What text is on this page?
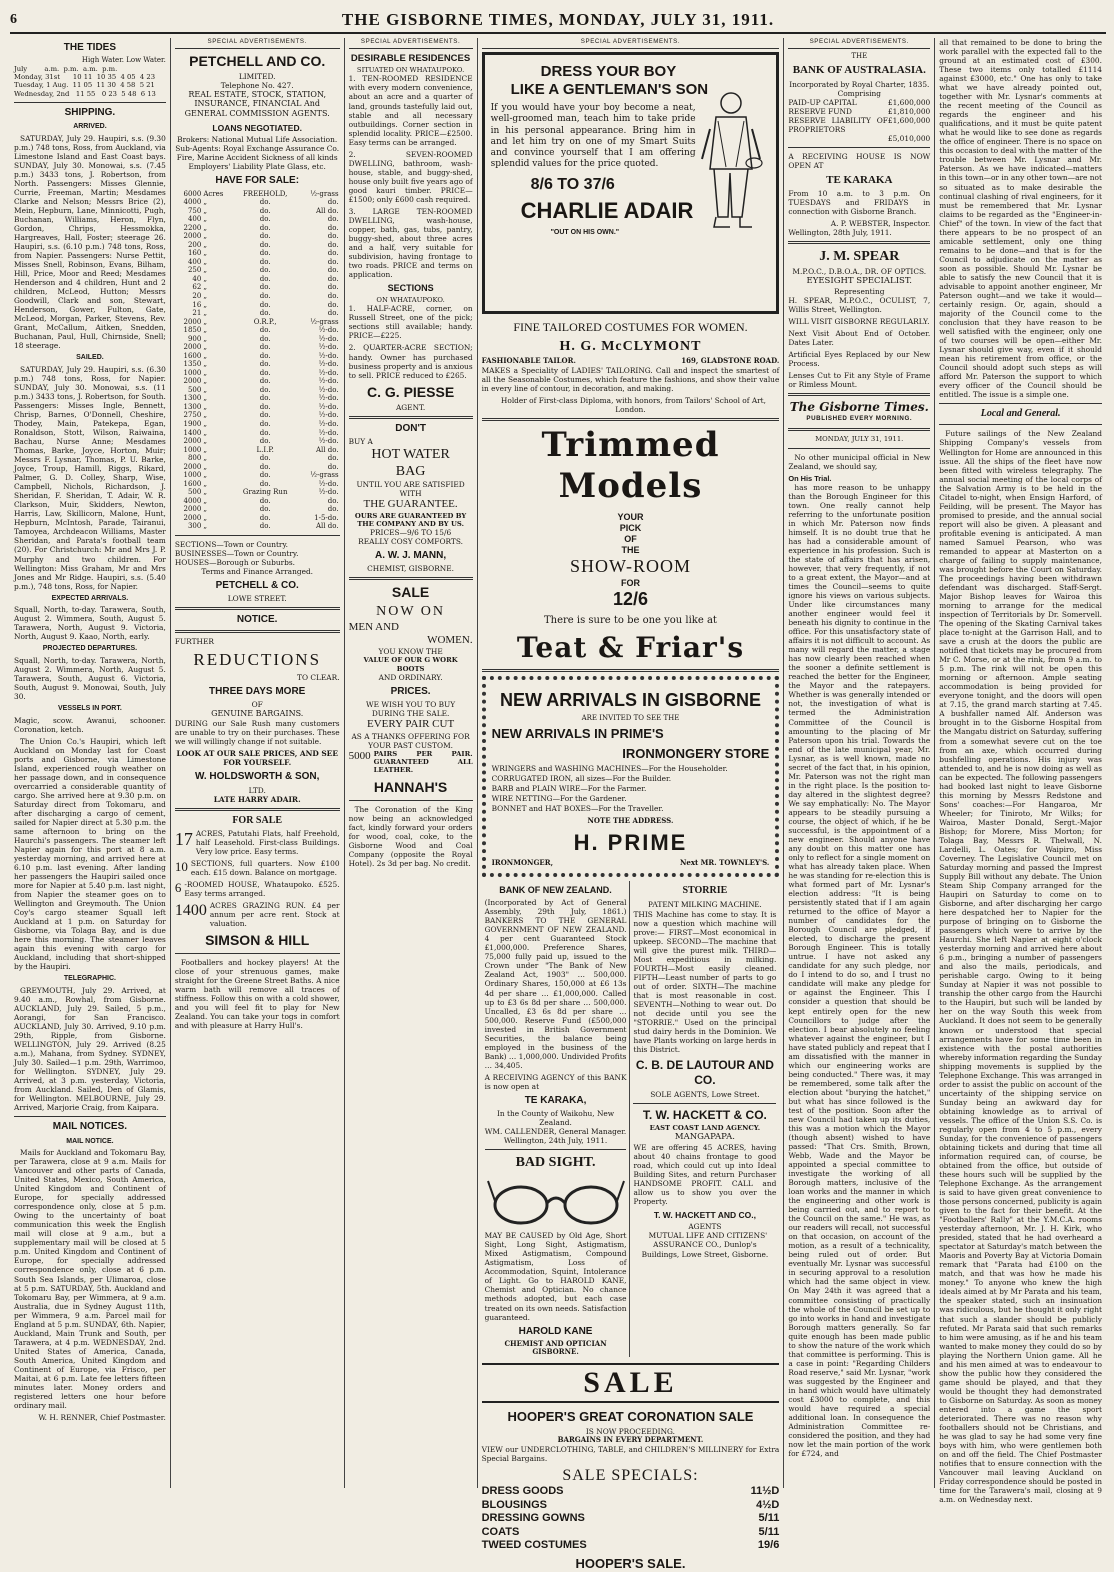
6	THE GISBORNE TIMES, MONDAY, JULY 31, 1911.
THE TIDES
High Water. Low Water.
July        a.m.  p.m.  a.m.  p.m.
Monday, 31st      10 11  10 35  4 05  4 23
Tuesday, 1 Aug.  11 05  11 30  4 58  5 21
Wednesday, 2nd   11 55   0 23  5 48  6 13
SHIPPING.
ARRIVED.

SATURDAY, July 29. Haupiri, s.s. (9.30 p.m.) 748 tons, Ross, from Auckland, via Limestone Island and East Coast bays. SUNDAY, July 30. Monowai, s.s. (7.45 p.m.) 3433 tons, J. Robertson, from North. Passengers: Misses Glennie, Currie, Freeman, Martin; Mesdames Clarke and Nelson; Messrs Brice (2), Mein, Hepburn, Lane, Minnicotti, Pugh, Buchanan, Williams, Heron, Flyn, Gordon, Chrips, Hessmokka, Hargreaves, Hall, Foster; steerage 26. Haupiri, s.s. (6.10 p.m.) 748 tons, Ross, from Napier. Passengers: Nurse Pettit, Misses Snell, Robinson, Evans, Bilham, Hill, Price, Moor and Reed; Mesdames Henderson and 4 children, Hunt and 2 children, McLeod, Hutton; Messrs Goodwill, Clark and son, Stewart, Henderson, Gower, Fulton, Gate, McLeod, Morgan, Parker, Stevens, Rev. Grant, McCallum, Aitken, Snedden, Buchanan, Paul, Hull, Chirnside, Snell; 18 steerage.

SAILED.

SATURDAY, July 29. Haupiri, s.s. (6.30 p.m.) 748 tons, Ross, for Napier. SUNDAY, July 30. Monowai, s.s. (11 p.m.) 3433 tons, J. Robertson, for South. Passengers: Misses Ingle, Bennett, Chrisp, Barnes, O'Donnell, Cheshire, Thodey, Main, Patekepa, Egan, Ronaldson, Stott, Wilson, Raiwaina, Bachau, Nurse Anne; Mesdames Thomas, Barke, Joyce, Horton, Muir; Messrs F. Lysnar, Thomas, P. U. Barke, Joyce, Troup, Hamill, Riggs, Rikard, Palmer, G. D. Colley, Sharp, Wise, Campbell, Nichols, Richardson, J. Sheridan, F. Sheridan, T. Adair, W. R. Clarkson, Muir, Skidders, Newton, Harris, Law, Skillicorn, Malone, Hunt, Hepburn, McIntosh, Parade, Tairanui, Tamoyea, Archdeacon Williams, Master Sheridan, and Parata's football team (20). For Christchurch: Mr and Mrs J. P. Murphy and two children. For Wellington: Miss Graham, Mr and Mrs Jones and Mr Ridge. Haupiri, s.s. (5.40 p.m.), 748 tons, Ross, for Napier.

EXPECTED ARRIVALS.

Squall, North, to-day. Tarawera, South, August 2. Wimmera, South, August 5. Tarawera, North, August 9. Victoria, North, August 9. Kaao, North, early.

PROJECTED DEPARTURES.

Squall, North, to-day. Tarawera, North, August 2. Wimmera, North, August 5. Tarawera, South, August 6. Victoria, South, August 9. Monowai, South, July 30.

VESSELS IN PORT.

Magic, scow. Awanui, schooner. Coronation, ketch.

The Union Co.'s Haupiri, which left Auckland on Monday last for Coast ports and Gisborne, via Limestone Island, experienced rough weather on her passage down, and in consequence overcarried a considerable quantity of cargo. She arrived here at 9.30 p.m. on Saturday direct from Tokomaru, and after discharging a cargo of cement, sailed for Napier direct at 5.30 p.m. the same afternoon to bring on the Haurchi's passengers. The steamer left Napier again for this port at 8 a.m. yesterday morning, and arrived here at 6.10 p.m. last evening. After landing her passengers the Haupiri sailed once more for Napier at 5.40 p.m. last night, from Napier the steamer goes on to Wellington and Greymouth. The Union Coy's cargo steamer Squall left Auckland at 1 p.m. on Saturday for Gisborne, via Tolaga Bay, and is due here this morning. The steamer leaves again this evening with cargo for Auckland, including that short-shipped by the Haupiri.

TELEGRAPHIC.

GREYMOUTH, July 29. Arrived, at 9.40 a.m., Rowhal, from Gisborne. AUCKLAND, July 29. Sailed, 5 p.m., Aorangi, for San Francisco. AUCKLAND, July 30. Arrived, 9.10 p.m. 29th, Ripple, from Gisborne. WELLINGTON, July 29. Arrived (8.25 a.m.), Mahana, from Sydney. SYDNEY, July 30. Sailed—1 p.m. 29th, Warrimoo, for Wellington. SYDNEY, July 29. Arrived, at 3 p.m. yesterday, Victoria, from Auckland. Sailed, Den of Glamis, for Wellington. MELBOURNE, July 29. Arrived, Marjorie Craig, from Kaipara.

MAIL NOTICES.
MAIL NOTICE.

Mails for Auckland and Tokomaru Bay, per Tarawera, close at 9 a.m. Mails for Vancouver and other parts of Canada, United States, Mexico, South America, United Kingdom and Continent of Europe, for specially addressed correspondence only, close at 5 p.m. Owing to the uncertainty of boat communication this week the English mail will close at 9 a.m., but a supplementary mail will be closed at 5 p.m. United Kingdom and Continent of Europe, for specially addressed correspondence only, close at 6 p.m. South Sea Islands, per Ulimaroa, close at 5 p.m. SATURDAY, 5th. Auckland and Tokomaru Bay, per Wimmera, at 9 a.m. Australia, due in Sydney August 11th, per Wimmera, 9 a.m. Parcel mail for England at 5 p.m. SUNDAY, 6th. Napier, Auckland, Main Trunk and South, per Tarawera, at 4 p.m. WEDNESDAY, 2nd. United States of America, Canada, South America, United Kingdom and Continent of Europe, via Frisco, per Maitai, at 6 p.m. Late fee letters fifteen minutes later. Money orders and registered letters one hour before ordinary mail.

W. H. RENNER, Chief Postmaster.
SPECIAL ADVERTISEMENTS.
PETCHELL AND CO.
LIMITED.
Telephone No. 427.
REAL ESTATE, STOCK, STATION, INSURANCE, FINANCIAL And GENERAL COMMISSION AGENTS.
LOANS NEGOTIATED.
Brokers: National Mutual Life Association. Sub-Agents: Royal Exchange Assurance Co. Fire, Marine Accident Sickness of all kinds Employers' Liability Plate Glass, etc.
HAVE FOR SALE:
6000	Acres	FREEHOLD,	½-grass
4000	„	do.	do.
750	„	do.	All do.
400	„	do.	do.
2200	„	do.	do.
2000	„	do.	do.
200	„	do.	do.
160	„	do.	do.
400	„	do.	do.
250	„	do.	do.
40	„	do.	do.
62	„	do.	do.
20	„	do.	do.
16	„	do.	do.
21	„	do.	do.
2000	„	O.R.P.,	½-grass
1850	„	do.	½-do.
900	„	do.	½-do.
2000	„	do.	½-do.
1600	„	do.	½-do.
1350	„	do.	½-do.
1000	„	do.	½-do.
2000	„	do.	½-do.
500	„	do.	½-do.
1300	„	do.	½-do.
1300	„	do.	½-do.
2750	„	do.	½-do.
1900	„	do.	½-do.
1400	„	do.	½-do.
2000	„	do.	½-do.
1000	„	L.I.P.	All do.
800	„	do.	do.
2000	„	do.	do.
1000	„	do.	½-grass
1600	„	do.	½-do.
500	„	Grazing Run	½-do.
4000	„	do.	do.
2000	„	do.	do.
2000	„	do.	1-5-do.
300	„	do.	All do.
SECTIONS—Town or Country.
BUSINESSES—Town or Country.
HOUSES—Borough or Suburbs.
Terms and Finance Arranged.
PETCHELL & CO.
LOWE STREET.
NOTICE.
FURTHER
REDUCTIONS
TO CLEAR.
THREE DAYS MORE
OF
GENUINE BARGAINS.

DURING our Sale Rush many customers are unable to try on their purchases. These we will willingly change if not suitable.

LOOK AT OUR SALE PRICES, AND SEE FOR YOURSELF.
W. HOLDSWORTH & SON,
LTD.
LATE HARRY ADAIR.
FOR SALE
17 ACRES, Patutahi Flats, half Freehold, half Leasehold. First-class Buildings. Very low price. Easy terms.
10 SECTIONS, full quarters. Now £100 each. £15 down. Balance on mortgage.
6 -ROOMED HOUSE, Whataupoko. £525. Easy terms arranged.
1400 ACRES GRAZING RUN. £4 per annum per acre rent. Stock at valuation.
SIMSON & HILL

Footballers and hockey players! At the close of your strenuous games, make straight for the Greene Street Baths. A nice warm bath will remove all traces of stiffness. Follow this on with a cold shower, and you will feel fit to play for New Zealand. You can take your togs in comfort and with pleasure at Harry Hull's.

SPECIAL ADVERTISEMENTS.
DESIRABLE RESIDENCES
SITUATED ON WHATAUPOKO.

1. TEN-ROOMED RESIDENCE with every modern convenience, about an acre and a quarter of land, grounds tastefully laid out, stable and all necessary outbuildings. Corner section in splendid locality. PRICE—£2500. Easy terms can be arranged.

2. SEVEN-ROOMED DWELLING, bathroom, wash-house, stable, and buggy-shed, house only built five years ago of good kauri timber. PRICE—£1500; only £600 cash required.

3. LARGE TEN-ROOMED DWELLING, wash-house, copper, bath, gas, tubs, pantry, buggy-shed, about three acres and a half, very suitable for subdivision, having frontage to two roads. PRICE and terms on application.

SECTIONS
ON WHATAUPOKO.

1. HALF-ACRE, corner, on Russell Street, one of the pick; sections still available; handy. PRICE—£225.

2. QUARTER-ACRE SECTION; handy. Owner has purchased business property and is anxious to sell. PRICE reduced to £265.

C. G. PIESSE
AGENT.
DON'T
BUY A
HOT WATER
BAG
UNTIL YOU ARE SATISFIED WITH
THE GUARANTEE.
OURS ARE GUARANTEED BY THE COMPANY AND BY US.
PRICES—9/6 TO 15/6
REALLY COSY COMFORTS.
A. W. J. MANN,
CHEMIST, GISBORNE.
SALE
NOW ON
MEN AND
WOMEN.
YOU KNOW THE
VALUE OF OUR G WORK BOOTS
AND ORDINARY.
PRICES.
WE WISH YOU TO BUY DURING THE SALE.
EVERY PAIR CUT
AS A THANKS OFFERING FOR YOUR PAST CUSTOM.
5000 PAIRS PER PAIR. GUARANTEED ALL LEATHER.
HANNAH'S

The Coronation of the King now being an acknowledged fact, kindly forward your orders for wood, coal, coke, to the Gisborne Wood and Coal Company (opposite the Royal Hotel). 2s 3d per bag. No credit.

SPECIAL ADVERTISEMENTS.
DRESS YOUR BOY
LIKE A GENTLEMAN'S SON
If you would have your boy become a neat, well-groomed man, teach him to take pride in his personal appearance. Bring him in and let him try on one of my Smart Suits and convince yourself that I am offering splendid values for the price quoted.
8/6 TO 37/6
CHARLIE ADAIR
"OUT ON HIS OWN."
FINE TAILORED COSTUMES FOR WOMEN.
H. G. McCLYMONT
FASHIONABLE TAILOR.	169, GLADSTONE ROAD.

MAKES a Speciality of LADIES' TAILORING. Call and inspect the smartest of all the Seasonable Costumes, which feature the fashions, and show their value in every line of contour, in decoration, and making.

Holder of First-class Diploma, with honors, from Tailors' School of Art, London.

Trimmed Models
YOUR
PICK
OF
THE
SHOW-ROOM
FOR
12/6
There is sure to be one you like at
Teat & Friar's
NEW ARRIVALS IN GISBORNE
ARE INVITED TO SEE THE
NEW ARRIVALS IN PRIME'S
IRONMONGERY STORE
WRINGERS and WASHING MACHINES—For the Householder.
CORRUGATED IRON, all sizes—For the Builder.
BARB and PLAIN WIRE—For the Farmer.
WIRE NETTING—For the Gardener.
BONNET and HAT BOXES—For the Traveller.
NOTE THE ADDRESS.
H. PRIME
IRONMONGER,	Next MR. TOWNLEY'S.
BANK OF NEW ZEALAND.

(Incorporated by Act of General Assembly, 29th July, 1861.) BANKERS TO THE GENERAL GOVERNMENT OF NEW ZEALAND. 4 per cent Guaranteed Stock £1,000,000. Preference Shares, 75,000 fully paid up, issued to the Crown under "The Bank of New Zealand Act, 1903" … 500,000. Ordinary Shares, 150,000 at £6 13s 4d per share … £1,000,000. Called up to £3 6s 8d per share … 500,000. Uncalled, £3 6s 8d per share … 500,000. Reserve Fund (£500,000 invested in British Government Securities, the balance being employed in the business of the Bank) … 1,000,000. Undivided Profits … 34,405.

A RECEIVING AGENCY of this BANK is now open at

TE KARAKA,
In the County of Waikohu, New Zealand.
WM. CALLENDER, General Manager. Wellington, 24th July, 1911.
BAD SIGHT.

MAY BE CAUSED by Old Age, Short Sight, Long Sight, Astigmatism, Mixed Astigmatism, Compound Astigmatism, Loss of Accommodation, Squint, Intolerance of Light. Go to HAROLD KANE, Chemist and Optician. No chance methods adopted, but each case treated on its own needs. Satisfaction guaranteed.

HAROLD KANE
CHEMIST AND OPTICIAN GISBORNE.
STORRIE
PATENT MILKING MACHINE.

THIS Machine has come to stay. It is now a question which machine will prove:— FIRST—Most economical in upkeep. SECOND—The machine that will give the purest milk. THIRD—Most expeditious in milking. FOURTH—Most easily cleaned. FIFTH—Least number of parts to go out of order. SIXTH—The machine that is most reasonable in cost. SEVENTH—Nothing to wear out. Do not decide until you see the "STORRIE." Used on the principal stud dairy herds in the Dominion. We have Plants working on large herds in this District.

C. B. DE LAUTOUR AND CO.
SOLE AGENTS, Lowe Street.
T. W. HACKETT & CO.
EAST COAST LAND AGENCY.
MANGAPAPA.

WE are offering 45 ACRES, having about 40 chains frontage to good road, which could cut up into Ideal Building Sites, and return Purchaser HANDSOME PROFIT. CALL and allow us to show you over the Property.

T. W. HACKETT AND CO.,
AGENTS

MUTUAL LIFE AND CITIZENS' ASSURANCE CO., Dunlop's Buildings, Lowe Street, Gisborne.

SALE
HOOPER'S GREAT CORONATION SALE
IS NOW PROCEEDING.
BARGAINS IN EVERY DEPARTMENT.

VIEW our UNDERCLOTHING, TABLE, and CHILDREN'S MILLINERY for Extra Special Bargains.

SALE SPECIALS:
DRESS GOODS	11½D
BLOUSINGS	4½D
DRESSING GOWNS	5/11
COATS	5/11
TWEED COSTUMES	19/6
HOOPER'S SALE.
SPECIAL ADVERTISEMENTS.
THE
BANK OF AUSTRALASIA.
Incorporated by Royal Charter, 1835.
Comprising
PAID-UP CAPITAL	£1,600,000
RESERVE FUND	£1,810,000
RESERVE LIABILITY OF PROPRIETORS
£1,600,000
£5,010,000

A RECEIVING HOUSE IS NOW OPEN AT

TE KARAKA

From 10 a.m. to 3 p.m. On TUESDAYS and FRIDAYS in connection with Gisborne Branch.

A. P. WEBSTER, Inspector.
Wellington, 28th July, 1911.
J. M. SPEAR
M.P.O.C., D.B.O.A., DR. OF OPTICS.
EYESIGHT SPECIALIST.
Representing

H. SPEAR, M.P.O.C., OCULIST, 7, Willis Street, Wellington.

WILL VISIT GISBORNE REGULARLY.

Next Visit About End of October. Dates Later.

Artificial Eyes Replaced by our New Process.

Lenses Cut to Fit any Style of Frame or Rimless Mount.

The Gisborne Times.
PUBLISHED EVERY MORNING.
MONDAY, JULY 31, 1911.

No other municipal official in New Zealand, we should say,

On His Trial.

has more reason to be unhappy than the Borough Engineer for this town. One really cannot help referring to the unfortunate position in which Mr. Paterson now finds himself. It is no doubt true that he has had a considerable amount of experience in his profession. Such is the state of affairs that has arisen, however, that very frequently, if not to a great extent, the Mayor—and at times the Council—seems to quite ignore his views on various subjects. Under like circumstances many another engineer would feel it beneath his dignity to continue in the office. For this unsatisfactory state of affairs it is not difficult to account. As many will regard the matter, a stage has now clearly been reached when the sooner a definite settlement is reached the better for the Engineer, the Mayor and the ratepayers. Whether is was generally intended or not, the investigation of what is termed the Administration Committee of the Council is amounting to the placing of Mr Paterson upon his trial. Towards the end of the late municipal year, Mr. Lysnar, as is well known, made no secret of the fact that, in his opinion, Mr. Paterson was not the right man in the right place. Is the position to-day altered in the slightest degree? We say emphatically: No. The Mayor appears to be steadily pursuing a course, the object of which, if he be successful, is the appointment of a new engineer. Should anyone have any doubt on this matter one has only to reflect for a single moment on what has already taken place. When he was standing for re-election this is what formed part of Mr. Lysnar's election address: "It is being persistently stated that if I am again returned to the office of Mayor a number of candidates for the Borough Council are pledged, if elected, to discharge the present Borough Engineer. This is totally untrue. I have not asked any candidate for any such pledge, nor do I intend to do so, and I trust no candidate will make any pledge for or against the Engineer. This I consider a question that should be kept entirely open for the new Councillors to judge after the election. I bear absolutely no feeling whatever against the engineer, but I have stated publicly and repeat that I am dissatisfied with the manner in which our engineering works are being conducted." There was, it may be remembered, some talk after the election about "burying the hatchet," but what has since followed is the test of the position. Soon after the new Council had taken up its duties, this was a motion which the Mayor (though absent) wished to have passed: "That Crs. Smith, Brown, Webb, Wade and the Mayor be appointed a special committee to investigate the working of all Borough matters, inclusive of the loan works and the manner in which the engineering and other work is being carried out, and to report to the Council on the same." He was, as our readers will recall, not successful on that occasion, on account of the motion, as a result of a technicality, being ruled out of order. But eventually Mr. Lysnar was successful in securing approval to a resolution which had the same object in view. On May 24th it was agreed that a committee consisting of practically the whole of the Council be set up to go into works in hand and investigate Borough matters generally. So far quite enough has been made public to show the nature of the work which that committee is performing. This is a case in point: "Regarding Childers Road reserve," said Mr. Lysnar, "work was suggested by the Engineer and in hand which would have ultimately cost £3000 to complete, and this would have required a special additional loan. In consequence the Administration Committee re-considered the position, and they had now let the main portion of the work for £724, and

all that remained to be done to bring the work parallel with the expected fall to the ground at an estimated cost of £300. These two items only totalled £1114 against £3000, etc." One has only to take what we have already pointed out, together with Mr. Lysnar's comments at the recent meeting of the Council as regards the engineer and his qualifications, and it must be quite patent what he would like to see done as regards the office of engineer. There is no space on this occasion to deal with the matter of the trouble between Mr. Lysnar and Mr. Paterson. As we have indicated—matters in this town—or in any other town—are not so situated as to make desirable the continual clashing of rival engineers, for it must be remembered that Mr. Lysnar claims to be regarded as the "Engineer-in-Chief" of the town. In view of the fact that there appears to be no prospect of an amicable settlement, only one thing remains to be done—and that is for the Council to adjudicate on the matter as soon as possible. Should Mr. Lysnar be able to satisfy the new Council that it is advisable to appoint another engineer, Mr Paterson ought—and we take it would—certainly resign. Or, again, should a majority of the Council come to the conclusion that they have reason to be well satisfied with the engineer, only one of two courses will be open—either Mr. Lysnar should give way, even if it should mean his retirement from office, or the Council should adopt such steps as will afford Mr. Paterson the support to which every officer of the Council should be entitled. The issue is a simple one.

Local and General.

Future sailings of the New Zealand Shipping Company's vessels from Wellington for Home are announced in this issue. All the ships of the fleet have now been fitted with wireless telegraphy. The annual social meeting of the local corps of the Salvation Army is to be held in the Citadel to-night, when Ensign Harford, of Feilding, will be present. The Mayor has promised to preside, and the annual social report will also be given. A pleasant and profitable evening is anticipated. A man named Samuel Pearson, who was remanded to appear at Masterton on a charge of failing to supply maintenance, was brought before the Court on Saturday. The proceedings having been withdrawn defendant was discharged. Staff-Sergt. Major Bishop leaves for Wairoa this morning to arrange for the medical inspection of Territorials by Dr. Somervell. The opening of the Skating Carnival takes place to-night at the Garrison Hall, and to save a crush at the doors the public are notified that tickets may be procured from Mr C. Morse, or at the rink, from 9 a.m. to 5 p.m. The rink will not be open this morning or afternoon. Ample seating accommodation is being provided for everyone tonight, and the doors will open at 7.15, the grand march starting at 7.45. A bushfaller named Alf. Anderson was brought in to the Gisborne Hospital from the Mangatu district on Saturday, suffering from a somewhat severe cut on the toe from an axe, which occurred during bushfelling operations. His injury was attended to, and he is now doing as well as can be expected. The following passengers had booked last night to leave Gisborne this morning by Messrs Redstone and Sons' coaches:—For Hangaroa, Mr Wheeler; for Tiniroto, Mr Wilks; for Wairoa, Master Donald, Sergt.-Major Bishop; for Morere, Miss Morton; for Tolaga Bay, Messrs R. Thelwall, N. Lardelli, L. Oates; for Waipiro, Miss Coverney. The Legislative Council met on Saturday morning and passed the Imprest Supply Bill without any debate. The Union Steam Ship Company arranged for the Haupiri on Saturday to come on to Gisborne, and after discharging her cargo here despatched her to Napier for the purpose of bringing on to Gisborne the passengers which were to arrive by the Haurchi. She left Napier at eight o'clock yesterday morning and arrived here about 6 p.m., bringing a number of passengers and also the mails, periodicals, and perishable cargo. Owing to it being Sunday at Napier it was not possible to tranship the other cargo from the Haurchi to the Haupiri, but such will be landed by her on the way South this week from Auckland. It does not seem to be generally known or understood that special arrangements have for some time been in existence with the postal authorities whereby information regarding the Sunday shipping movements is supplied by the Telephone Exchange. This was arranged in order to assist the public on account of the uncertainty of the shipping service on Sunday being an awkward day for obtaining knowledge as to arrival of vessels. The office of the Union S.S. Co. is regularly open from 4 to 5 p.m., every Sunday, for the convenience of passengers obtaining tickets and during that time all information required can, of course, be obtained from the office, but outside of these hours such will be supplied by the Telephone Exchange. As the arrangement is said to have given great convenience to those persons concerned, publicity is again given to the fact for their benefit. At the "Footballers' Rally" at the Y.M.C.A. rooms yesterday afternoon, Mr. J. H. Kirk, who presided, stated that he had overheard a spectator at Saturday's match between the Maoris and Poverty Bay at Victoria Domain remark that "Parata had £100 on the match, and that was how he made his money." To anyone who knew the high ideals aimed at by Mr Parata and his team, the speaker stated, such an insinuation was ridiculous, but he thought it only right that such a slander should be publicly refuted. Mr Parata said that such remarks to him were amusing, as if he and his team wanted to make money they could do so by playing the Northern Union game. All he and his men aimed at was to endeavour to show the public how they considered the game should be played, and that they would be thought they had demonstrated to Gisborne on Saturday. As soon as money entered into a game the sport deteriorated. There was no reason why footballers should not be Christians, and he was glad to say he had some very fine boys with him, who were gentlemen both on and off the field. The Chief Postmaster notifies that to ensure connection with the Vancouver mail leaving Auckland on Friday correspondence should be posted in time for the Tarawera's mail, closing at 9 a.m. on Wednesday next.
